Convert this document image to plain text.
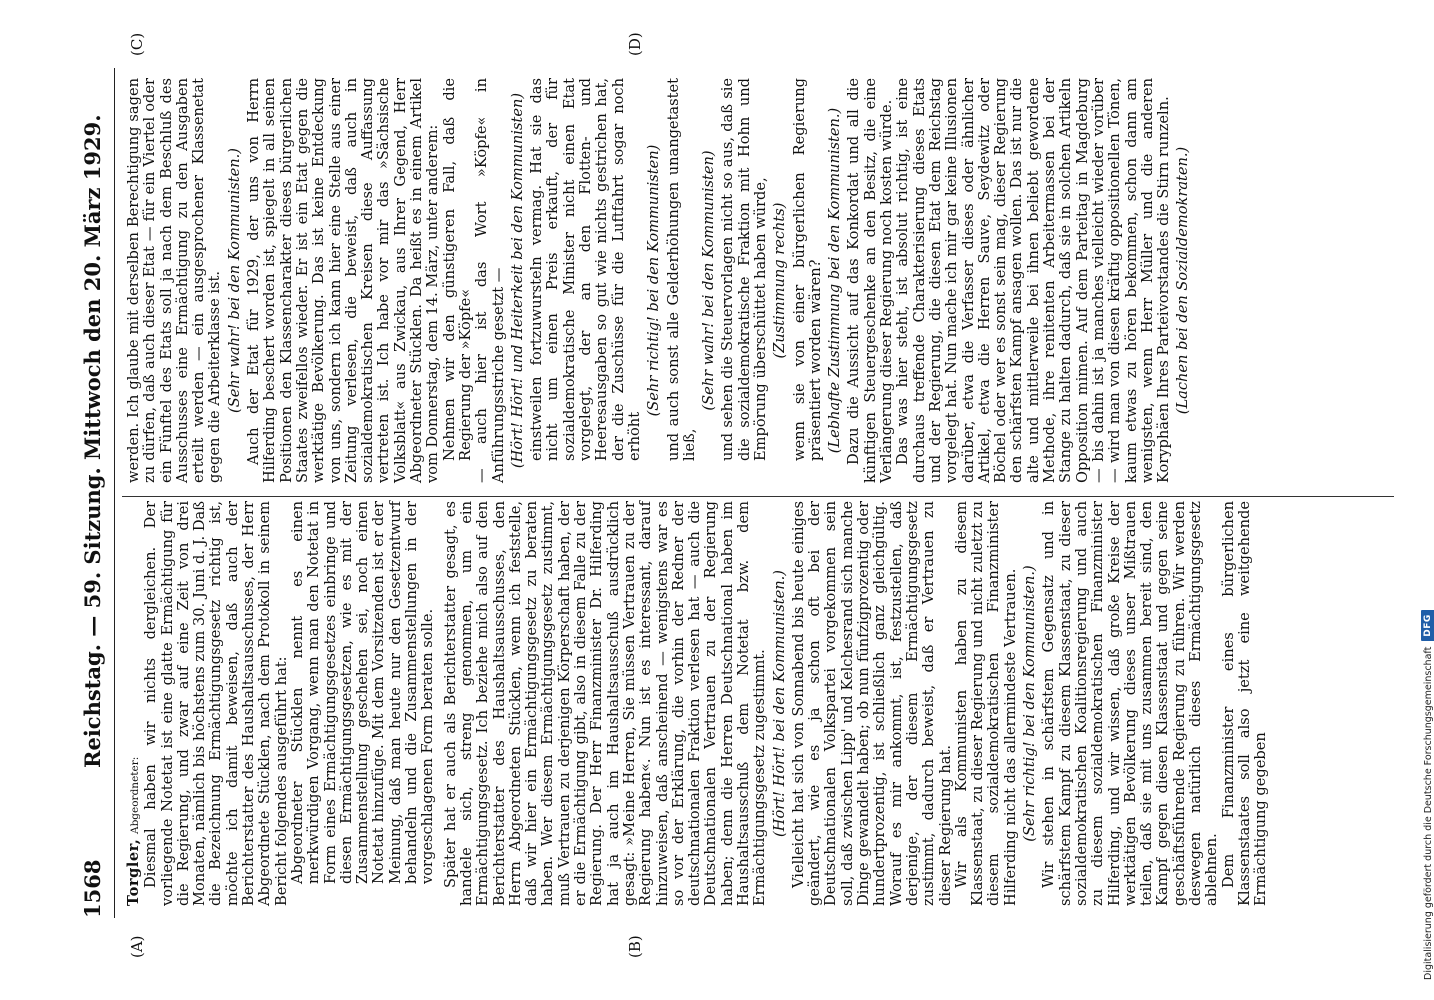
1568
Reichstag. — 59. Sitzung. Mittwoch den 20. März 1929.
(A)	(B)
(C)	(D)

Torgler, Abgeordneter: Diesmal haben wir nichts dergleichen. Der vorliegende Notetat ist eine glatte Ermächtigung für die Regierung, und zwar auf eine Zeit von drei Monaten, nämlich bis höchstens zum 30. Juni d. J. Daß die Bezeichnung Ermächtigungsgesetz richtig ist, möchte ich damit beweisen, daß auch der Berichterstatter des Haushaltsausschusses, der Herr Abgeordnete Stücklen, nach dem Protokoll in seinem Bericht folgendes ausgeführt hat: Abgeordneter Stücklen nennt es einen merkwürdigen Vorgang, wenn man den Notetat in Form eines Ermächtigungsgesetzes einbringe und diesen Ermächtigungsgesetzen, wie es mit der Zusammenstellung geschehen sei, noch einen Notetat hinzufüge. Mit dem Vorsitzenden ist er der Meinung, daß man heute nur den Gesetzentwurf behandeln und die Zusammenstellungen in der vorgeschlagenen Form beraten solle. Später hat er auch als Berichterstatter gesagt, es handele sich, streng genommen, um ein Ermächtigungsgesetz. Ich beziehe mich also auf den Berichterstatter des Haushaltsausschusses, den Herrn Abgeordneten Stücklen, wenn ich feststelle, daß wir hier ein Ermächtigungsgesetz zu beraten haben. Wer diesem Ermächtigungsgesetz zustimmt, muß Vertrauen zu derjenigen Körperschaft haben, der er die Ermächtigung gibt, also in diesem Falle zu der Regierung. Der Herr Finanzminister Dr. Hilferding hat ja auch im Haushaltsausschuß ausdrücklich gesagt: »Meine Herren, Sie müssen Vertrauen zu der Regierung haben«. Nun ist es interessant, darauf hinzuweisen, daß anscheinend — wenigstens war es so vor der Erklärung, die vorhin der Redner der deutschnationalen Fraktion verlesen hat — auch die Deutschnationalen Vertrauen zu der Regierung haben; denn die Herren Deutschnational haben im Haushaltsausschuß dem Notetat bzw. dem Ermächtigungsgesetz zugestimmt. (Hört! Hört! bei den Kommunisten.) Vielleicht hat sich von Sonnabend bis heute einiges geändert, wie es ja schon oft bei der Deutschnationalen Volkspartei vorgekommen sein soll, daß zwischen Lipp' und Kelchesrand sich manche Dinge gewandelt haben; ob nun fünfzigprozentig oder hundertprozentig, ist schließlich ganz gleichgültig. Worauf es mir ankommt, ist, festzustellen, daß derjenige, der diesem Ermächtigungsgesetz zustimmt, dadurch beweist, daß er Vertrauen zu dieser Regierung hat. Wir als Kommunisten haben zu diesem Klassenstaat, zu dieser Regierung und nicht zuletzt zu diesem sozialdemokratischen Finanzminister Hilferding nicht das allermindeste Vertrauen. (Sehr richtig! bei den Kommunisten.) Wir stehen in schärfstem Gegensatz und in schärfstem Kampf zu diesem Klassenstaat, zu dieser sozialdemokratischen Koalitionsregierung und auch zu diesem sozialdemokratischen Finanzminister Hilferding, und wir wissen, daß große Kreise der werktätigen Bevölkerung dieses unser Mißtrauen teilen, daß sie mit uns zusammen bereit sind, den Kampf gegen diesen Klassenstaat und gegen seine geschäftsführende Regierung zu führen. Wir werden deswegen natürlich dieses Ermächtigungsgesetz ablehnen. Dem Finanzminister eines bürgerlichen Klassenstaates soll also jetzt eine weitgehende Ermächtigung gegeben

werden. Ich glaube mit derselben Berechtigung sagen zu dürfen, daß auch dieser Etat — für ein Viertel oder ein Fünftel des Etats soll ja nach dem Beschluß des Ausschusses eine Ermächtigung zu den Ausgaben erteilt werden — ein ausgesprochener Klassenetat gegen die Arbeiterklasse ist. (Sehr wahr! bei den Kommunisten.) Auch der Etat für 1929, der uns von Herrn Hilferding beschert worden ist, spiegelt in all seinen Positionen den Klassencharakter dieses bürgerlichen Staates zweifellos wieder. Er ist ein Etat gegen die werktätige Bevölkerung. Das ist keine Entdeckung von uns, sondern ich kann hier eine Stelle aus einer Zeitung verlesen, die beweist, daß auch in sozialdemokratischen Kreisen diese Auffassung vertreten ist. Ich habe vor mir das »Sächsische Volksblatt« aus Zwickau, aus Ihrer Gegend, Herr Abgeordneter Stücklen. Da heißt es in einem Artikel vom Donnerstag, dem 14. März, unter anderem: Nehmen wir den günstigeren Fall, daß die Regierung der »Köpfe« — auch hier ist das Wort »Köpfe« in Anführungsstriche gesetzt — (Hört! Hört! und Heiterkeit bei den Kommunisten) einstweilen fortzuwursteln vermag. Hat sie das nicht um einen Preis erkauft, der für sozialdemokratische Minister nicht einen Etat vorgelegt, der an den Flotten- und Heeresausgaben so gut wie nichts gestrichen hat, der die Zuschüsse für die Luftfahrt sogar noch erhöht

(Sehr richtig! bei den Kommunisten) und auch sonst alle Gelderhöhungen unangetastet ließ,

(Sehr wahr! bei den Kommunisten) und sehen die Steuervorlagen nicht so aus, daß sie die sozialdemokratische Fraktion mit Hohn und Empörung überschüttet haben würde, (Zustimmung rechts) wenn sie von einer bürgerlichen Regierung präsentiert worden wären? (Lebhafte Zustimmung bei den Kommunisten.) Dazu die Aussicht auf das Konkordat und all die künftigen Steuergeschenke an den Besitz, die eine Verlängerung dieser Regierung noch kosten würde. Das was hier steht, ist absolut richtig, ist eine durchaus treffende Charakterisierung dieses Etats und der Regierung, die diesen Etat dem Reichstag vorgelegt hat. Nun mache ich mir gar keine Illusionen darüber, etwa die Verfasser dieses oder ähnlicher Artikel, etwa die Herren Sauve, Seydewitz oder Böchel oder wer es sonst sein mag, dieser Regierung den schärfsten Kampf ansagen wollen. Das ist nur die alte und mittlerweile bei ihnen beliebt gewordene Methode, ihre renitenten Arbeitermassen bei der Stange zu halten dadurch, daß sie in solchen Artikeln Opposition mimen. Auf dem Parteitag in Magdeburg — bis dahin ist ja manches vielleicht wieder vorüber — wird man von diesen kräftig oppositionellen Tönen, kaum etwas zu hören bekommen, schon dann am wenigsten, wenn Herr Müller und die anderen Koryphäen Ihres Parteivorstandes die Stirn runzeln. (Lachen bei den Sozialdemokraten.)

Digitalisierung gefördert durch die Deutsche Forschungsgemeinschaft
DFG
